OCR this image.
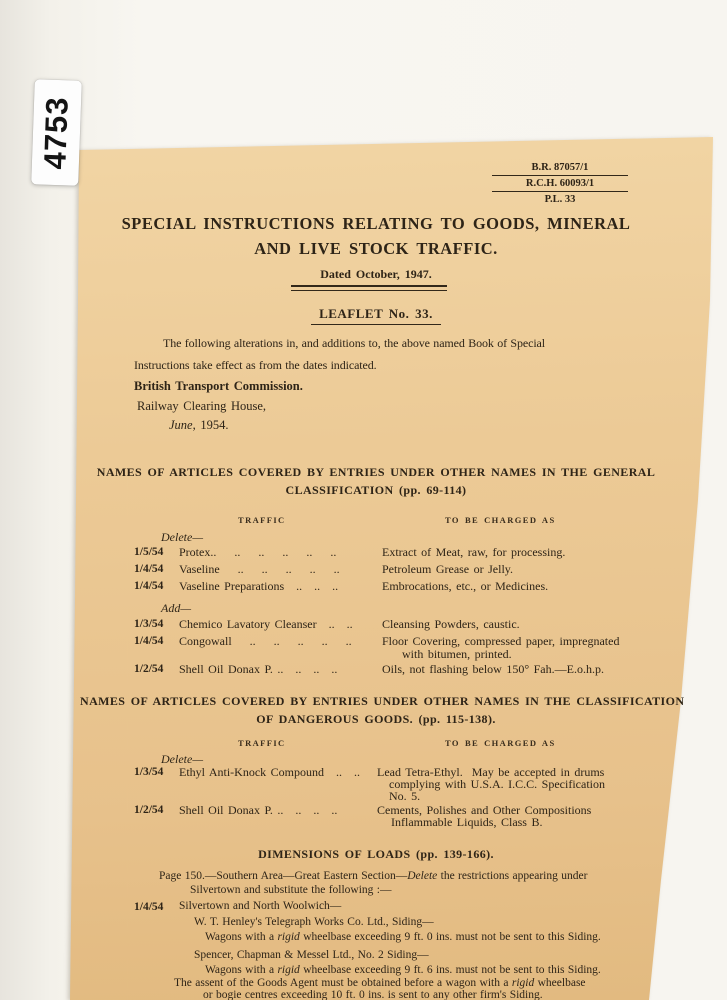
4753	B.R. 87057/1
R.C.H. 60093/1
P.L. 33
SPECIAL INSTRUCTIONS RELATING TO GOODS, MINERAL
AND LIVE STOCK TRAFFIC.
Dated October, 1947.
LEAFLET No. 33.
The following alterations in, and additions to, the above named Book of Special
Instructions take effect as from the dates indicated.
British Transport Commission.
Railway Clearing House,
June, 1954.
NAMES OF ARTICLES COVERED BY ENTRIES UNDER OTHER NAMES IN THE GENERAL
CLASSIFICATION (pp. 69-114)
TRAFFIC	TO BE CHARGED AS
Delete—
1/5/54 Protex..  ..  ..  ..  ..  ..	Extract of Meat, raw, for processing.
1/4/54 Vaseline  ..  ..  ..  ..  ..	Petroleum Grease or Jelly.
1/4/54 Vaseline Preparations .. .. ..	Embrocations, etc., or Medicines.
Add—
1/3/54 Chemico Lavatory Cleanser .. .. Cleansing Powders, caustic.
1/4/54 Congowall  ..  ..  ..  ..  ..	Floor Covering, compressed paper, impregnated
with bitumen, printed.
1/2/54 Shell Oil Donax P. .. .. .. ..	Oils, not flashing below 150° Fah.—E.o.h.p.
NAMES OF ARTICLES COVERED BY ENTRIES UNDER OTHER NAMES IN THE CLASSIFICATION
OF DANGEROUS GOODS. (pp. 115-138).
TRAFFIC	TO BE CHARGED AS
Delete—
1/3/54 Ethyl Anti-Knock Compound .. .. Lead Tetra-Ethyl.  May be accepted in drums
complying with U.S.A. I.C.C. Specification
No. 5.
1/2/54 Shell Oil Donax P. .. .. .. ..	Cements, Polishes and Other Compositions
Inflammable Liquids, Class B.
DIMENSIONS OF LOADS (pp. 139-166).
Page 150.—Southern Area—Great Eastern Section—Delete the restrictions appearing under
Silvertown and substitute the following :—
1/4/54 Silvertown and North Woolwich—
W. T. Henley's Telegraph Works Co. Ltd., Siding—
Wagons with a rigid wheelbase exceeding 9 ft. 0 ins. must not be sent to this Siding.
Spencer, Chapman & Messel Ltd., No. 2 Siding—
Wagons with a rigid wheelbase exceeding 9 ft. 6 ins. must not be sent to this Siding.
The assent of the Goods Agent must be obtained before a wagon with a rigid wheelbase
or bogie centres exceeding 10 ft. 0 ins. is sent to any other firm's Siding.
